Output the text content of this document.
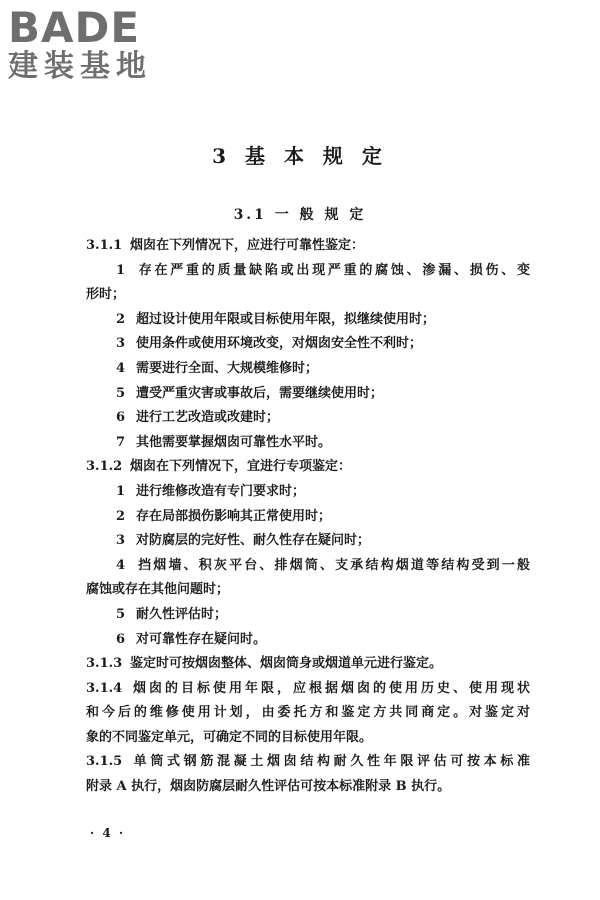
BADE
建装基地
3 基 本 规 定
3.1 一 般 规 定
3.1.1 烟囱在下列情况下，应进行可靠性鉴定：
1 存在严重的质量缺陷或出现严重的腐蚀、渗漏、损伤、变
形时；
2 超过设计使用年限或目标使用年限，拟继续使用时；
3 使用条件或使用环境改变，对烟囱安全性不利时；
4 需要进行全面、大规模维修时；
5 遭受严重灾害或事故后，需要继续使用时；
6 进行工艺改造或改建时；
7 其他需要掌握烟囱可靠性水平时。
3.1.2 烟囱在下列情况下，宜进行专项鉴定：
1 进行维修改造有专门要求时；
2 存在局部损伤影响其正常使用时；
3 对防腐层的完好性、耐久性存在疑问时；
4 挡烟墙、积灰平台、排烟筒、支承结构烟道等结构受到一般
腐蚀或存在其他问题时；
5 耐久性评估时；
6 对可靠性存在疑问时。
3.1.3 鉴定时可按烟囱整体、烟囱筒身或烟道单元进行鉴定。
3.1.4 烟囱的目标使用年限，应根据烟囱的使用历史、使用现状
和今后的维修使用计划，由委托方和鉴定方共同商定。对鉴定对
象的不同鉴定单元，可确定不同的目标使用年限。
3.1.5 单筒式钢筋混凝土烟囱结构耐久性年限评估可按本标准
附录 A 执行，烟囱防腐层耐久性评估可按本标准附录 B 执行。
· 4 ·
